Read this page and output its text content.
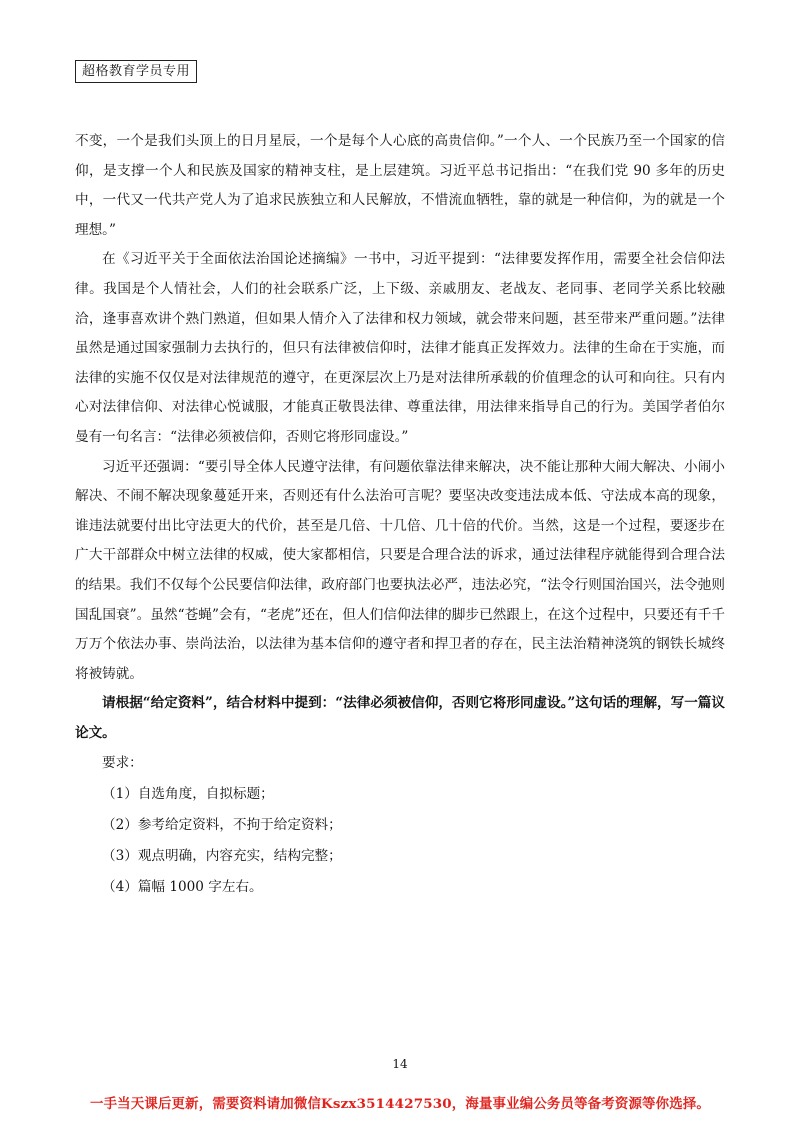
超格教育学员专用

不变，一个是我们头顶上的日月星辰，一个是每个人心底的高贵信仰。”一个人、一个民族乃至一个国家的信仰，是支撑一个人和民族及国家的精神支柱，是上层建筑。习近平总书记指出：“在我们党 90 多年的历史中，一代又一代共产党人为了追求民族独立和人民解放，不惜流血牺牲，靠的就是一种信仰，为的就是一个理想。”

在《习近平关于全面依法治国论述摘编》一书中，习近平提到：“法律要发挥作用，需要全社会信仰法律。我国是个人情社会，人们的社会联系广泛，上下级、亲戚朋友、老战友、老同事、老同学关系比较融洽，逢事喜欢讲个熟门熟道，但如果人情介入了法律和权力领域，就会带来问题，甚至带来严重问题。”法律虽然是通过国家强制力去执行的，但只有法律被信仰时，法律才能真正发挥效力。法律的生命在于实施，而法律的实施不仅仅是对法律规范的遵守，在更深层次上乃是对法律所承载的价值理念的认可和向往。只有内心对法律信仰、对法律心悦诚服，才能真正敬畏法律、尊重法律，用法律来指导自己的行为。美国学者伯尔曼有一句名言：“法律必须被信仰，否则它将形同虚设。”

习近平还强调：“要引导全体人民遵守法律，有问题依靠法律来解决，决不能让那种大闹大解决、小闹小解决、不闹不解决现象蔓延开来，否则还有什么法治可言呢？要坚决改变违法成本低、守法成本高的现象，谁违法就要付出比守法更大的代价，甚至是几倍、十几倍、几十倍的代价。当然，这是一个过程，要逐步在广大干部群众中树立法律的权威，使大家都相信，只要是合理合法的诉求，通过法律程序就能得到合理合法的结果。我们不仅每个公民要信仰法律，政府部门也要执法必严，违法必究，“法令行则国治国兴，法令弛则国乱国衰”。虽然“苍蝇”会有，“老虎”还在，但人们信仰法律的脚步已然跟上，在这个过程中，只要还有千千万万个依法办事、崇尚法治，以法律为基本信仰的遵守者和捍卫者的存在，民主法治精神浇筑的钢铁长城终将被铸就。

请根据“给定资料”，结合材料中提到：“法律必须被信仰，否则它将形同虚设。”这句话的理解，写一篇议论文。

要求：

（1）自选角度，自拟标题；

（2）参考给定资料，不拘于给定资料；

（3）观点明确，内容充实，结构完整；

（4）篇幅 1000 字左右。

14
一手当天课后更新，需要资料请加微信Kszx3514427530，海量事业编公务员等备考资源等你选择。
